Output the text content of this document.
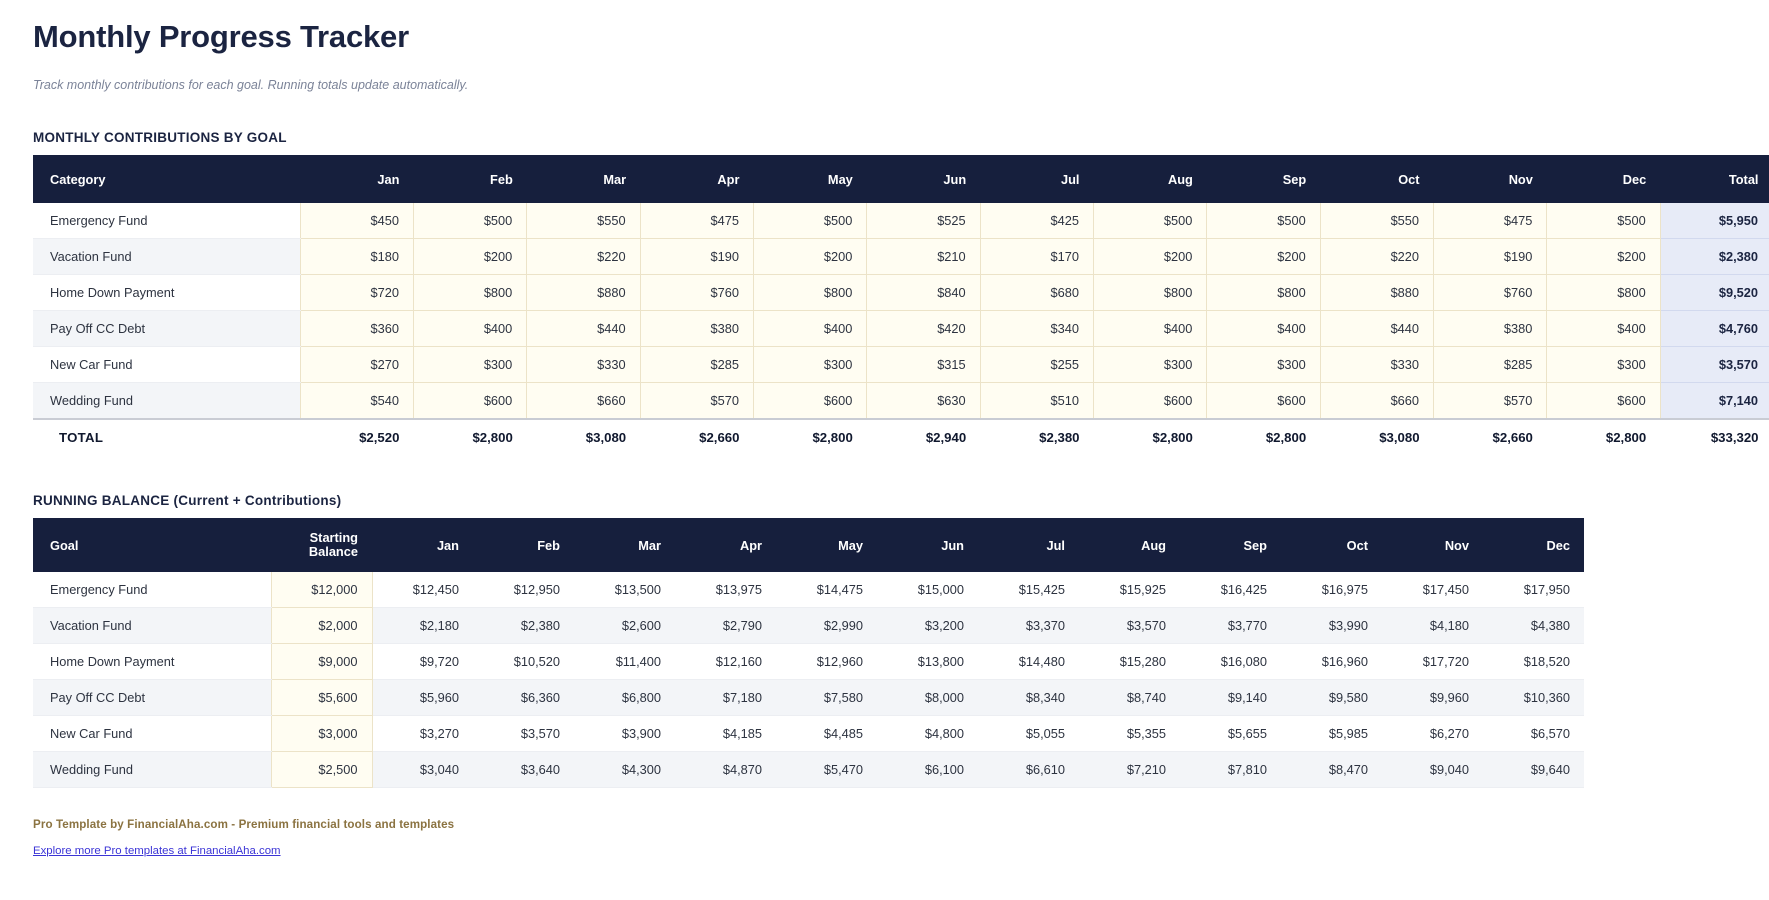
Monthly Progress Tracker

Track monthly contributions for each goal. Running totals update automatically.

MONTHLY CONTRIBUTIONS BY GOAL
Category	Jan	Feb	Mar	Apr	May	Jun	Jul	Aug	Sep	Oct	Nov	Dec	Total
Emergency Fund	$450	$500	$550	$475	$500	$525	$425	$500	$500	$550	$475	$500	$5,950
Vacation Fund	$180	$200	$220	$190	$200	$210	$170	$200	$200	$220	$190	$200	$2,380
Home Down Payment	$720	$800	$880	$760	$800	$840	$680	$800	$800	$880	$760	$800	$9,520
Pay Off CC Debt	$360	$400	$440	$380	$400	$420	$340	$400	$400	$440	$380	$400	$4,760
New Car Fund	$270	$300	$330	$285	$300	$315	$255	$300	$300	$330	$285	$300	$3,570
Wedding Fund	$540	$600	$660	$570	$600	$630	$510	$600	$600	$660	$570	$600	$7,140
TOTAL	$2,520	$2,800	$3,080	$2,660	$2,800	$2,940	$2,380	$2,800	$2,800	$3,080	$2,660	$2,800	$33,320
RUNNING BALANCE (Current + Contributions)
Goal	Starting Balance	Jan	Feb	Mar	Apr	May	Jun	Jul	Aug	Sep	Oct	Nov	Dec
Emergency Fund	$12,000	$12,450	$12,950	$13,500	$13,975	$14,475	$15,000	$15,425	$15,925	$16,425	$16,975	$17,450	$17,950
Vacation Fund	$2,000	$2,180	$2,380	$2,600	$2,790	$2,990	$3,200	$3,370	$3,570	$3,770	$3,990	$4,180	$4,380
Home Down Payment	$9,000	$9,720	$10,520	$11,400	$12,160	$12,960	$13,800	$14,480	$15,280	$16,080	$16,960	$17,720	$18,520
Pay Off CC Debt	$5,600	$5,960	$6,360	$6,800	$7,180	$7,580	$8,000	$8,340	$8,740	$9,140	$9,580	$9,960	$10,360
New Car Fund	$3,000	$3,270	$3,570	$3,900	$4,185	$4,485	$4,800	$5,055	$5,355	$5,655	$5,985	$6,270	$6,570
Wedding Fund	$2,500	$3,040	$3,640	$4,300	$4,870	$5,470	$6,100	$6,610	$7,210	$7,810	$8,470	$9,040	$9,640

Pro Template by FinancialAha.com - Premium financial tools and templates

Explore more Pro templates at FinancialAha.com
